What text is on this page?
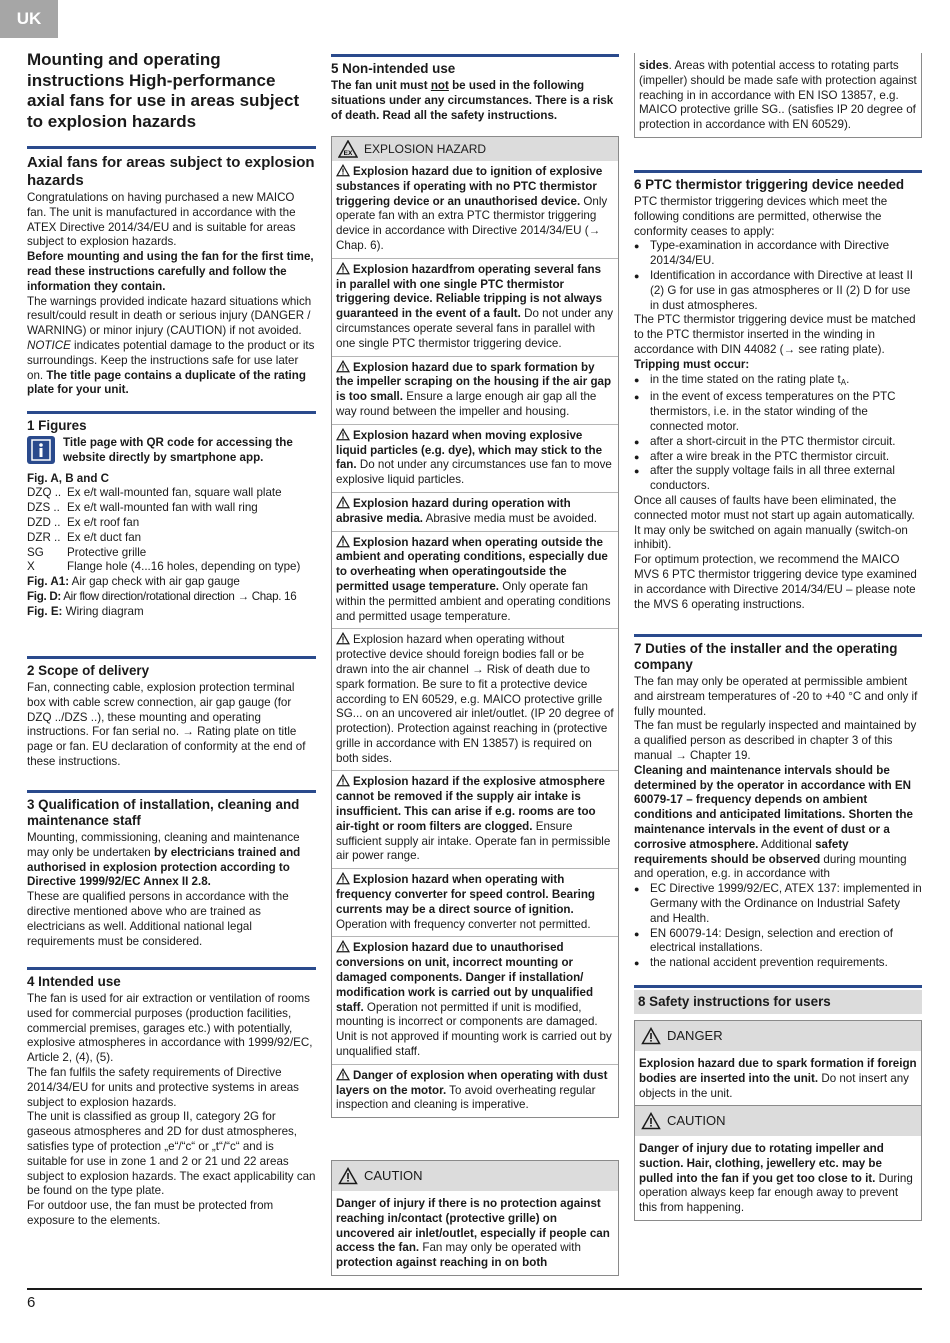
UK
Mounting and operating instructions High-performance axial fans for use in areas subject to explosion hazards
Axial fans for areas subject to explosion hazards

Congratulations on having purchased a new MAICO fan. The unit is manufactured in accordance with the ATEX Directive 2014/34/EU and is suitable for areas subject to explosion hazards.

Before mounting and using the fan for the first time, read these instructions carefully and follow the information they contain.

The warnings provided indicate hazard situations which result/could result in death or serious injury (DANGER / WARNING) or minor injury (CAUTION) if not avoided. NOTICE indicates potential damage to the product or its surroundings. Keep the instructions safe for use later on. The title page contains a duplicate of the rating plate for your unit.

1 Figures

Title page with QR code for accessing the website directly by smartphone app.

Fig. A, B and C

DZQ .. Ex e/t wall-mounted fan, square wall plate
DZS .. Ex e/t wall-mounted fan with wall ring
DZD .. Ex e/t roof fan
DZR .. Ex e/t duct fan
SG	Protective grille
X	Flange hole (4...16 holes, depending on type)

Fig. A1: Air gap check with air gap gauge

Fig. D: Air flow direction/rotational direction → Chap. 16

Fig. E: Wiring diagram

2 Scope of delivery

Fan, connecting cable, explosion protection terminal box with cable screw connection, air gap gauge (for DZQ ../DZS ..), these mounting and operating instructions. For fan serial no. → Rating plate on title page or fan. EU declaration of conformity at the end of these instructions.

3 Qualification of installation, cleaning and maintenance staff

Mounting, commissioning, cleaning and maintenance may only be undertaken by electricians trained and authorised in explosion protection according to Directive 1999/92/EC Annex II 2.8.

These are qualified persons in accordance with the directive mentioned above who are trained as electricians as well. Additional national legal requirements must be considered.

4 Intended use

The fan is used for air extraction or ventilation of rooms used for commercial purposes (production facilities, commercial premises, garages etc.) with potentially, explosive atmospheres in accordance with 1999/92/EC, Article 2, (4), (5).

The fan fulfils the safety requirements of Directive 2014/34/EU for units and protective systems in areas subject to explosion hazards.

The unit is classified as group II, category 2G for gaseous atmospheres and 2D for dust atmospheres, satisfies type of protection „e“/“c“ or „t“/“c“ and is suitable for use in zone 1 and 2 or 21 und 22 areas subject to explosion hazards. The exact applicability can be found on the type plate.

For outdoor use, the fan must be protected from exposure to the elements.

5 Non-intended use

The fan unit must not be used in the following situations under any circumstances. There is a risk of death. Read all the safety instructions.

EX EXPLOSION HAZARD
Explosion hazard due to ignition of explosive substances if operating with no PTC thermistor triggering device or an unauthorised device. Only operate fan with an extra PTC thermistor triggering device in accordance with Directive 2014/34/EU (→ Chap. 6).
Explosion hazardfrom operating several fans in parallel with one single PTC thermistor triggering device. Reliable tripping is not always guaranteed in the event of a fault. Do not under any circumstances operate several fans in parallel with one single PTC thermistor triggering device.
Explosion hazard due to spark formation by the impeller scraping on the housing if the air gap is too small. Ensure a large enough air gap all the way round between the impeller and housing.
Explosion hazard when moving explosive liquid particles (e.g. dye), which may stick to the fan. Do not under any circumstances use fan to move explosive liquid particles.
Explosion hazard during operation with abrasive media. Abrasive media must be avoided.
Explosion hazard when operating outside the ambient and operating conditions, especially due to overheating when operatingoutside the permitted usage temperature. Only operate fan within the permitted ambient and operating conditions and permitted usage temperature.
Explosion hazard when operating without protective device should foreign bodies fall or be drawn into the air channel → Risk of death due to spark formation. Be sure to fit a protective device according to EN 60529, e.g. MAICO protective grille SG... on an uncovered air inlet/outlet. (IP 20 degree of protection). Protection against reaching in (protective grille in accordance with EN 13857) is required on both sides.
Explosion hazard if the explosive atmosphere cannot be removed if the supply air intake is insufficient. This can arise if e.g. rooms are too air-tight or room filters are clogged. Ensure sufficient supply air intake. Operate fan in permissible air power range.
Explosion hazard when operating with frequency converter for speed control. Bearing currents may be a direct source of ignition. Operation with frequency converter not permitted.
Explosion hazard due to unauthorised conversions on unit, incorrect mounting or damaged components. Danger if installation/ modification work is carried out by unqualified staff. Operation not permitted if unit is modified, mounting is incorrect or components are damaged. Unit is not approved if mounting work is carried out by unqualified staff.
Danger of explosion when operating with dust layers on the motor. To avoid overheating regular inspection and cleaning is imperative.
CAUTION
Danger of injury if there is no protection against reaching in/contact (protective grille) on uncovered air inlet/outlet, especially if people can access the fan. Fan may only be operated with protection against reaching in on both
sides. Areas with potential access to rotating parts (impeller) should be made safe with protection against reaching in in accordance with EN ISO 13857, e.g. MAICO protective grille SG.. (satisfies IP 20 degree of protection in accordance with EN 60529).
6 PTC thermistor triggering device needed

PTC thermistor triggering devices which meet the following conditions are permitted, otherwise the conformity ceases to apply:

● Type-examination in accordance with Directive 2014/34/EU.
● Identification in accordance with Directive at least II (2) G for use in gas atmospheres or II (2) D for use in dust atmospheres.

The PTC thermistor triggering device must be matched to the PTC thermistor inserted in the winding in accordance with DIN 44082 (→ see rating plate).

Tripping must occur:

● in the time stated on the rating plate $t_A$.
● in the event of excess temperatures on the PTC thermistors, i.e. in the stator winding of the connected motor.
● after a short-circuit in the PTC thermistor circuit.
● after a wire break in the PTC thermistor circuit.
● after the supply voltage fails in all three external conductors.

Once all causes of faults have been eliminated, the connected motor must not start up again automatically. It may only be switched on again manually (switch-on inhibit).

For optimum protection, we recommend the MAICO MVS 6 PTC thermistor triggering device type examined in accordance with Directive 2014/34/EU – please note the MVS 6 operating instructions.

7 Duties of the installer and the operating company

The fan may only be operated at permissible ambient and airstream temperatures of -20 to +40 °C and only if fully mounted.

The fan must be regularly inspected and maintained by a qualified person as described in chapter 3 of this manual → Chapter 19.

Cleaning and maintenance intervals should be determined by the operator in accordance with EN 60079-17 – frequency depends on ambient conditions and anticipated limitations. Shorten the maintenance intervals in the event of dust or a corrosive atmosphere. Additional safety requirements should be observed during mounting and operation, e.g. in accordance with

● EC Directive 1999/92/EC, ATEX 137: implemented in Germany with the Ordinance on Industrial Safety and Health.
● EN 60079-14: Design, selection and erection of electrical installations.
● the national accident prevention requirements.
8 Safety instructions for users
DANGER
Explosion hazard due to spark formation if foreign bodies are inserted into the unit. Do not insert any objects in the unit.
CAUTION
Danger of injury due to rotating impeller and suction. Hair, clothing, jewellery etc. may be pulled into the fan if you get too close to it. During operation always keep far enough away to prevent this from happening.
6
